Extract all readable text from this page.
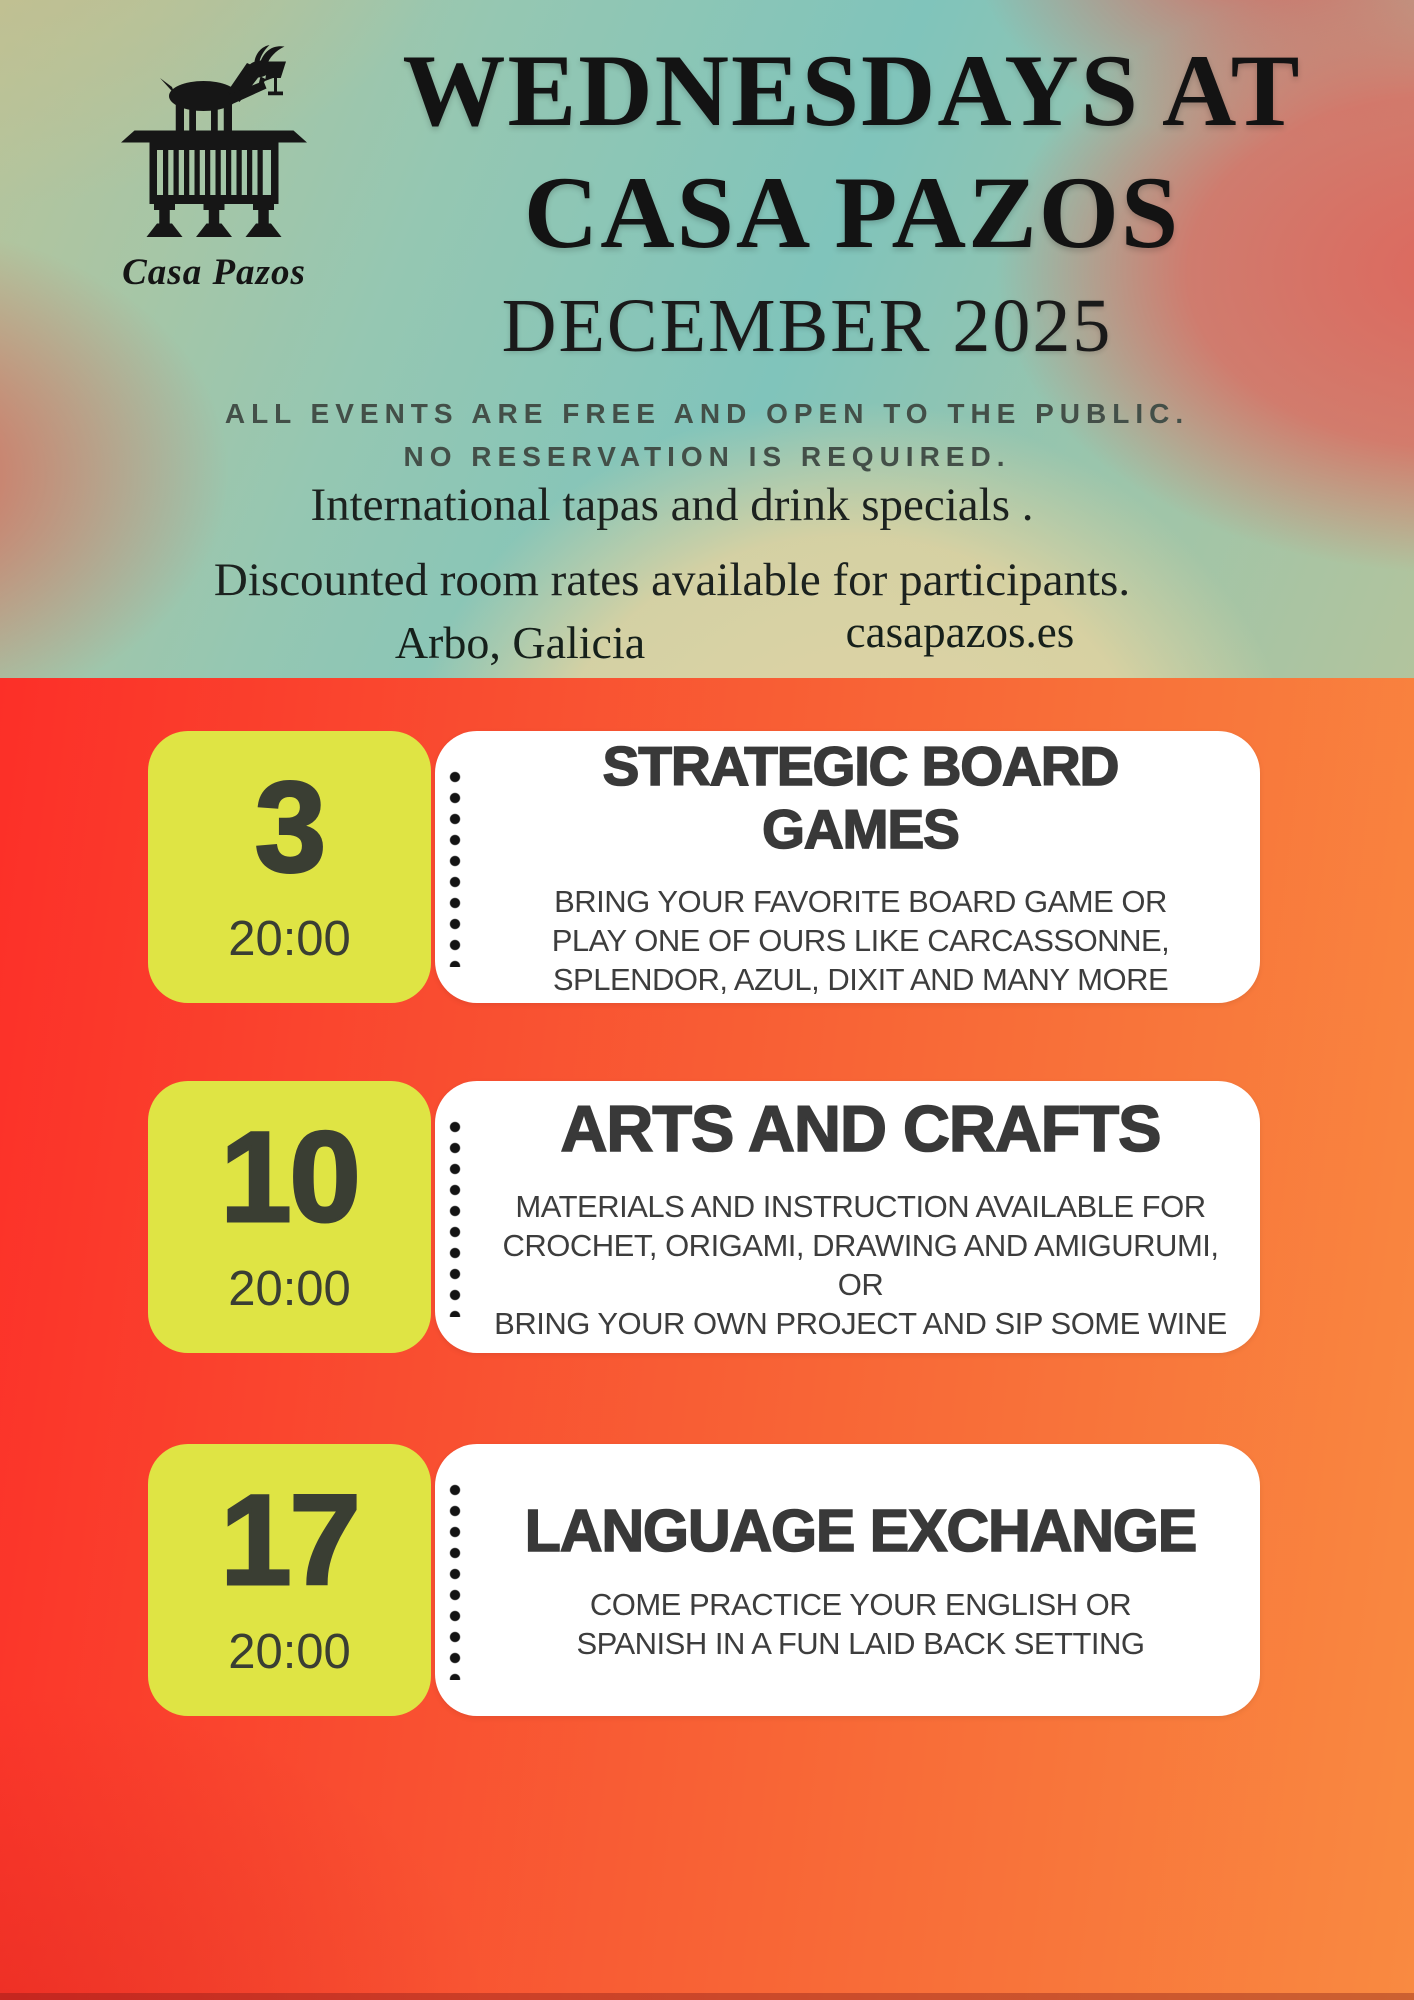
Casa Pazos
WEDNESDAYS AT
CASA PAZOS
DECEMBER 2025
ALL EVENTS ARE FREE AND OPEN TO THE PUBLIC.
NO RESERVATION IS REQUIRED.
International tapas and drink specials .
Discounted room rates available for participants.
Arbo, Galicia	casapazos.es
3
20:00
STRATEGIC BOARD
GAMES
BRING YOUR FAVORITE BOARD GAME OR
PLAY ONE OF OURS LIKE CARCASSONNE,
SPLENDOR, AZUL, DIXIT AND MANY MORE
10
20:00
ARTS AND CRAFTS
MATERIALS AND INSTRUCTION AVAILABLE FOR
CROCHET, ORIGAMI, DRAWING AND AMIGURUMI, OR
BRING YOUR OWN PROJECT AND SIP SOME WINE
17
20:00
LANGUAGE EXCHANGE
COME PRACTICE YOUR ENGLISH OR
SPANISH IN A FUN LAID BACK SETTING
